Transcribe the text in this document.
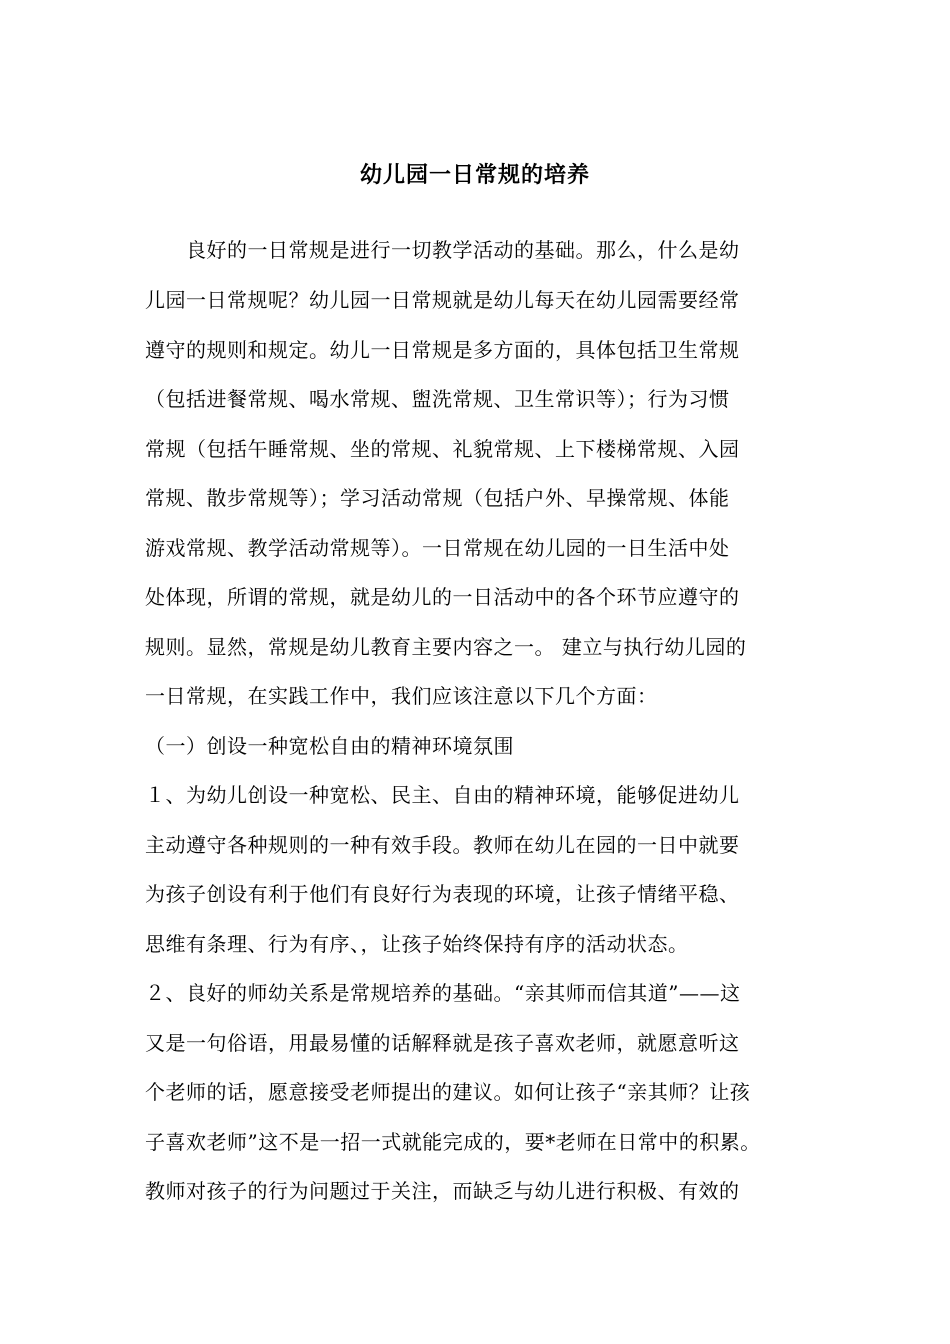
幼儿园一日常规的培养
　　良好的一日常规是进行一切教学活动的基础。那么，什么是幼
儿园一日常规呢？幼儿园一日常规就是幼儿每天在幼儿园需要经常
遵守的规则和规定。幼儿一日常规是多方面的，具体包括卫生常规
（包括进餐常规、喝水常规、盥洗常规、卫生常识等）；行为习惯
常规（包括午睡常规、坐的常规、礼貌常规、上下楼梯常规、入园
常规、散步常规等）；学习活动常规（包括户外、早操常规、体能
游戏常规、教学活动常规等）。一日常规在幼儿园的一日生活中处
处体现，所谓的常规，就是幼儿的一日活动中的各个环节应遵守的
规则。显然，常规是幼儿教育主要内容之一。 建立与执行幼儿园的
一日常规，在实践工作中，我们应该注意以下几个方面：
（一）创设一种宽松自由的精神环境氛围
１、为幼儿创设一种宽松、民主、自由的精神环境，能够促进幼儿
主动遵守各种规则的一种有效手段。教师在幼儿在园的一日中就要
为孩子创设有利于他们有良好行为表现的环境，让孩子情绪平稳、
思维有条理、行为有序、，让孩子始终保持有序的活动状态。
２、良好的师幼关系是常规培养的基础。“亲其师而信其道”——这
又是一句俗语，用最易懂的话解释就是孩子喜欢老师，就愿意听这
个老师的话，愿意接受老师提出的建议。如何让孩子“亲其师？让孩
子喜欢老师”这不是一招一式就能完成的，要*老师在日常中的积累。
教师对孩子的行为问题过于关注，而缺乏与幼儿进行积极、有效的
